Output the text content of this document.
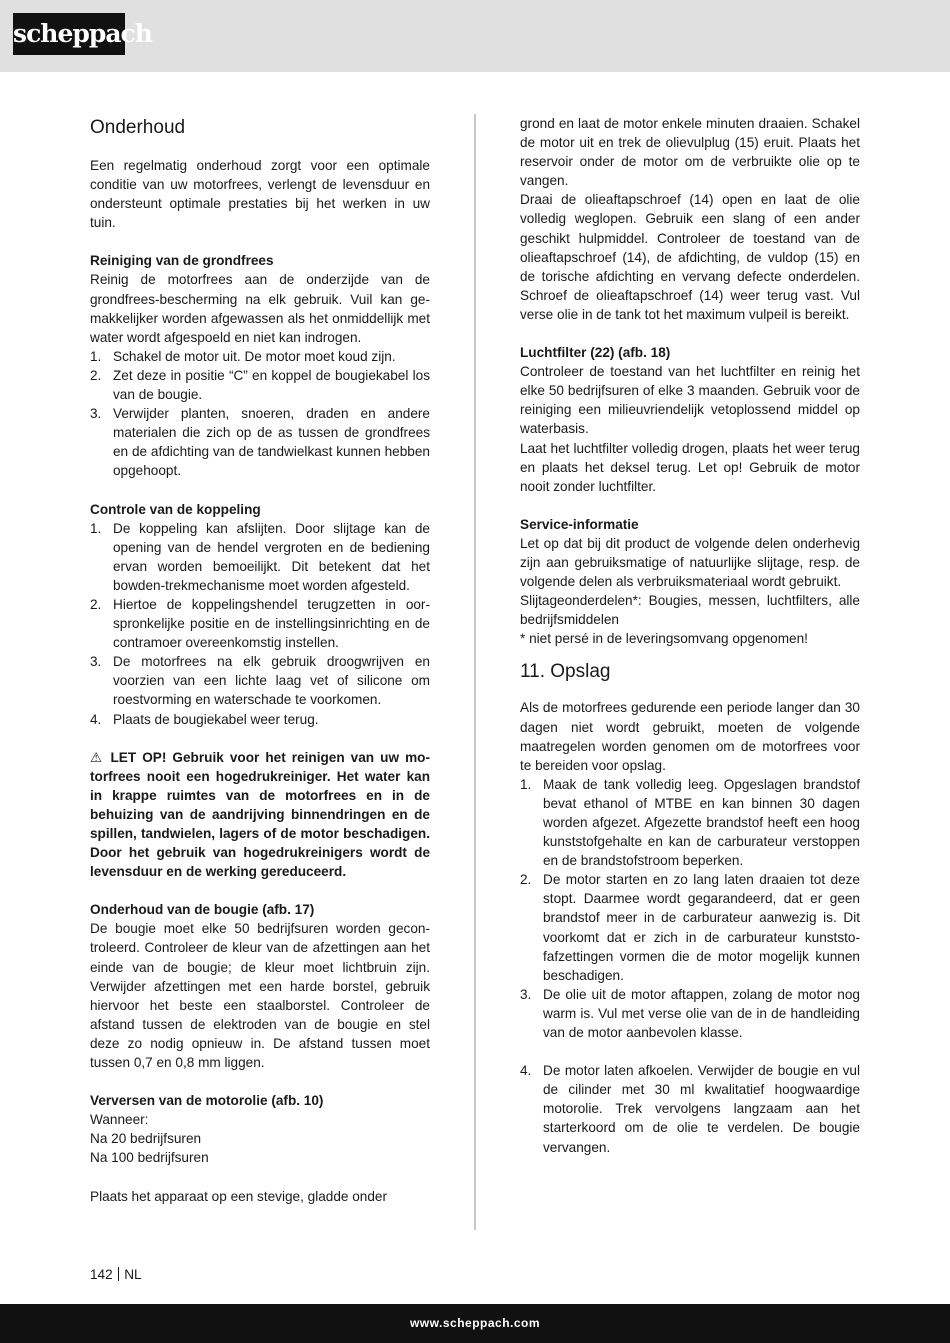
scheppach
Onderhoud

Een regelmatig onderhoud zorgt voor een optimale conditie van uw motorfrees, verlengt de levensduur en ondersteunt optimale prestaties bij het werken in uw tuin.

Reiniging van de grondfrees

Reinig de motorfrees aan de onderzijde van de grondfrees-bescherming na elk gebruik. Vuil kan gemakkelijker worden afgewassen als het onmiddellijk met water wordt afgespoeld en niet kan indrogen.

1. Schakel de motor uit. De motor moet koud zijn.
2. Zet deze in positie “C” en koppel de bougiekabel los van de bougie.
3. Verwijder planten, snoeren, draden en andere materialen die zich op de as tussen de grondfrees en de afdichting van de tandwielkast kunnen hebben opgehoopt.

Controle van de koppeling

1. De koppeling kan afslijten. Door slijtage kan de opening van de hendel vergroten en de bediening ervan worden bemoeilijkt. Dit betekent dat het bowden-trekmechanisme moet worden afgesteld.
2. Hiertoe de koppelingshendel terugzetten in oorspronkelijke positie en de instellingsinrichting en de contramoer overeenkomstig instellen.
3. De motorfrees na elk gebruik droogwrijven en voorzien van een lichte laag vet of silicone om roestvorming en waterschade te voorkomen.
4. Plaats de bougiekabel weer terug.

⚠ LET OP! Gebruik voor het reinigen van uw motorfrees nooit een hogedrukreiniger. Het water kan in krappe ruimtes van de motorfrees en in de behuizing van de aandrijving binnendringen en de spillen, tandwielen, lagers of de motor beschadigen. Door het gebruik van hogedrukreinigers wordt de levensduur en de werking gereduceerd.

Onderhoud van de bougie (afb. 17)

De bougie moet elke 50 bedrijfsuren worden gecontroleerd. Controleer de kleur van de afzettingen aan het einde van de bougie; de kleur moet lichtbruin zijn. Verwijder afzettingen met een harde borstel, gebruik hiervoor het beste een staalborstel. Controleer de afstand tussen de elektroden van de bougie en stel deze zo nodig opnieuw in. De afstand tussen moet tussen 0,7 en 0,8 mm liggen.

Verversen van de motorolie (afb. 10)

Wanneer:

Na 20 bedrijfsuren

Na 100 bedrijfsuren

Plaats het apparaat op een stevige, gladde onder

grond en laat de motor enkele minuten draaien. Schakel de motor uit en trek de olievulplug (15) eruit. Plaats het reservoir onder de motor om de verbruikte olie op te vangen.

Draai de olieaftapschroef (14) open en laat de olie volledig weglopen. Gebruik een slang of een ander geschikt hulpmiddel. Controleer de toestand van de olieaftapschroef (14), de afdichting, de vuldop (15) en de torische afdichting en vervang defecte onderdelen. Schroef de olieaftapschroef (14) weer terug vast. Vul verse olie in de tank tot het maximum vulpeil is bereikt.

Luchtfilter (22) (afb. 18)

Controleer de toestand van het luchtfilter en reinig het elke 50 bedrijfsuren of elke 3 maanden. Gebruik voor de reiniging een milieuvriendelijk vetoplossend middel op waterbasis.

Laat het luchtfilter volledig drogen, plaats het weer terug en plaats het deksel terug. Let op! Gebruik de motor nooit zonder luchtfilter.

Service-informatie

Let op dat bij dit product de volgende delen onderhevig zijn aan gebruiksmatige of natuurlijke slijtage, resp. de volgende delen als verbruiksmateriaal wordt gebruikt.

Slijtageonderdelen*: Bougies, messen, luchtfilters, alle bedrijfsmiddelen

* niet persé in de leveringsomvang opgenomen!

11. Opslag

Als de motorfrees gedurende een periode langer dan 30 dagen niet wordt gebruikt, moeten de volgende maatregelen worden genomen om de motorfrees voor te bereiden voor opslag.

1. Maak de tank volledig leeg. Opgeslagen brandstof bevat ethanol of MTBE en kan binnen 30 dagen worden afgezet. Afgezette brandstof heeft een hoog kunststofgehalte en kan de carburateur verstoppen en de brandstofstroom beperken.
2. De motor starten en zo lang laten draaien tot deze stopt. Daarmee wordt gegarandeerd, dat er geen brandstof meer in de carburateur aanwezig is. Dit voorkomt dat er zich in de carburateur kunststofafzettingen vormen die de motor mogelijk kunnen beschadigen.
3. De olie uit de motor aftappen, zolang de motor nog warm is. Vul met verse olie van de in de handleiding van de motor aanbevolen klasse.
4. De motor laten afkoelen. Verwijder de bougie en vul de cilinder met 30 ml kwalitatief hoogwaardige motorolie. Trek vervolgens langzaam aan het starterkoord om de olie te verdelen. De bougie vervangen.
142 NL
www.scheppach.com
